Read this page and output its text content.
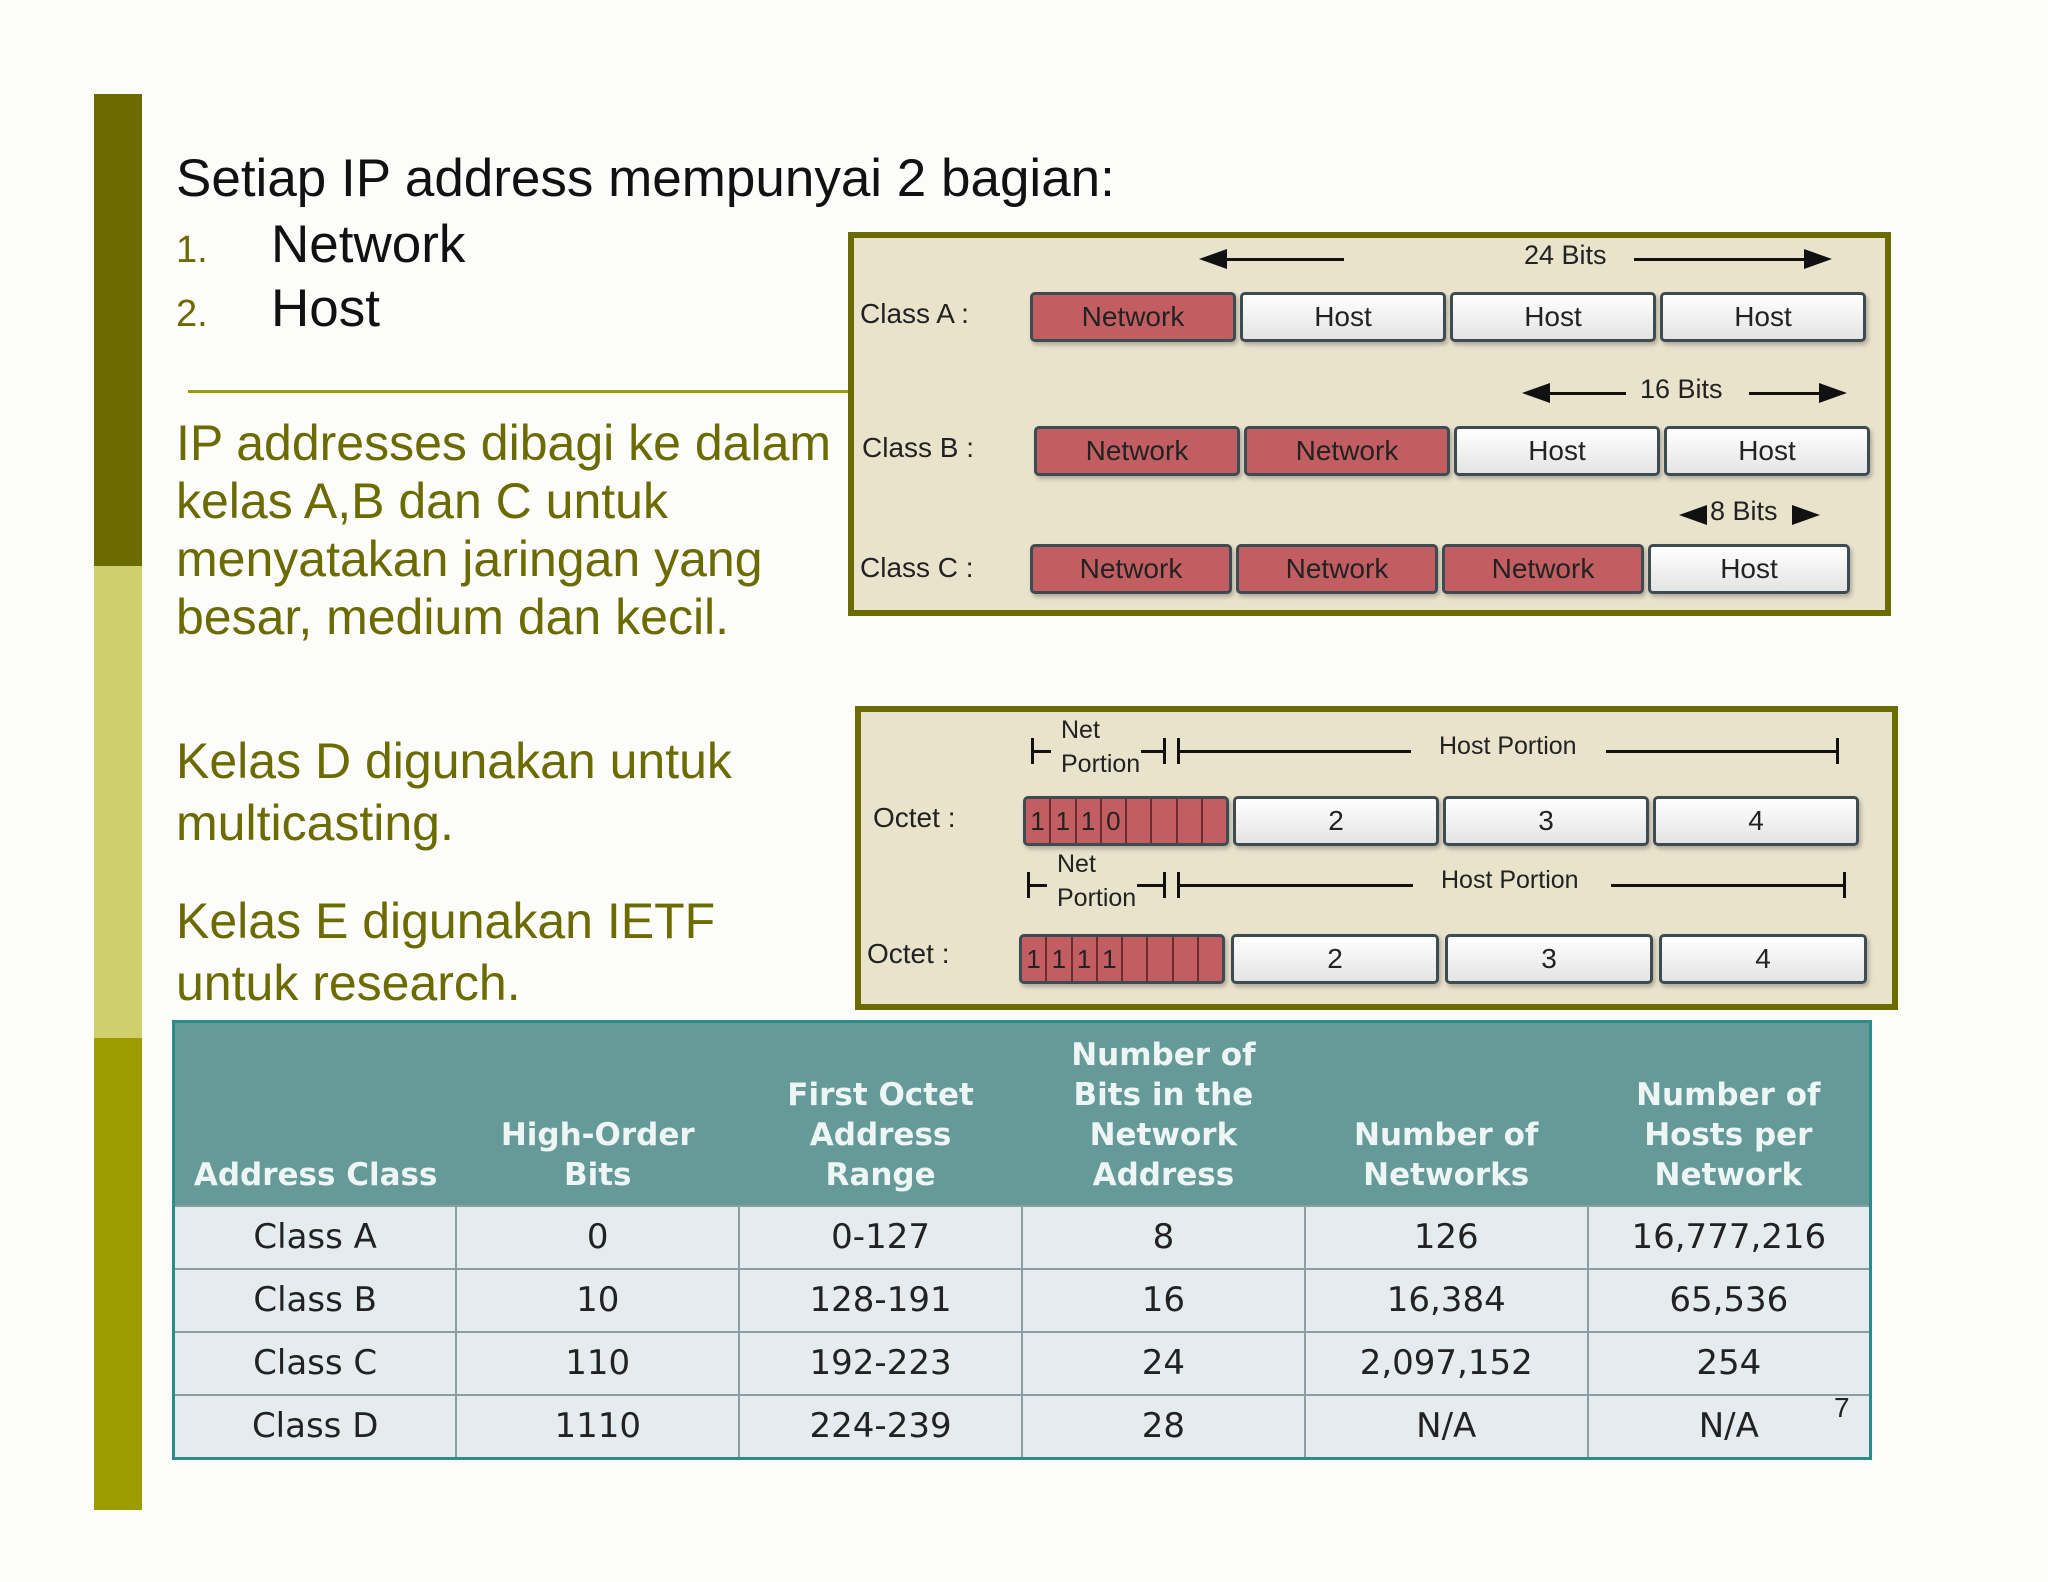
Setiap IP address mempunyai 2 bagian:
1. Network
2. Host
IP addresses dibagi ke dalam kelas A,B dan C untuk menyatakan jaringan yang besar, medium dan kecil.
Kelas D digunakan untuk multicasting.
Kelas E digunakan IETF untuk research.
24 Bits
Class A :	Network	Host	Host	Host
16 Bits
Class B :	Network	Network	Host	Host
8 Bits
Class C :	Network	Network	Network	Host
Net
Portion
Host Portion
Octet :	1 1 1 0	2	3	4
Net
Portion
Host Portion
Octet :	1 1 1 1	2	3	4
Address Class	High-Order Bits	First Octet Address Range	Number of Bits in the Network Address	Number of Networks	Number of Hosts per Network
Class A	0	0-127	8	126	16,777,216
Class B	10	128-191	16	16,384	65,536
Class C	110	192-223	24	2,097,152	254
Class D	1110	224-239	28	N/A	N/A	7
